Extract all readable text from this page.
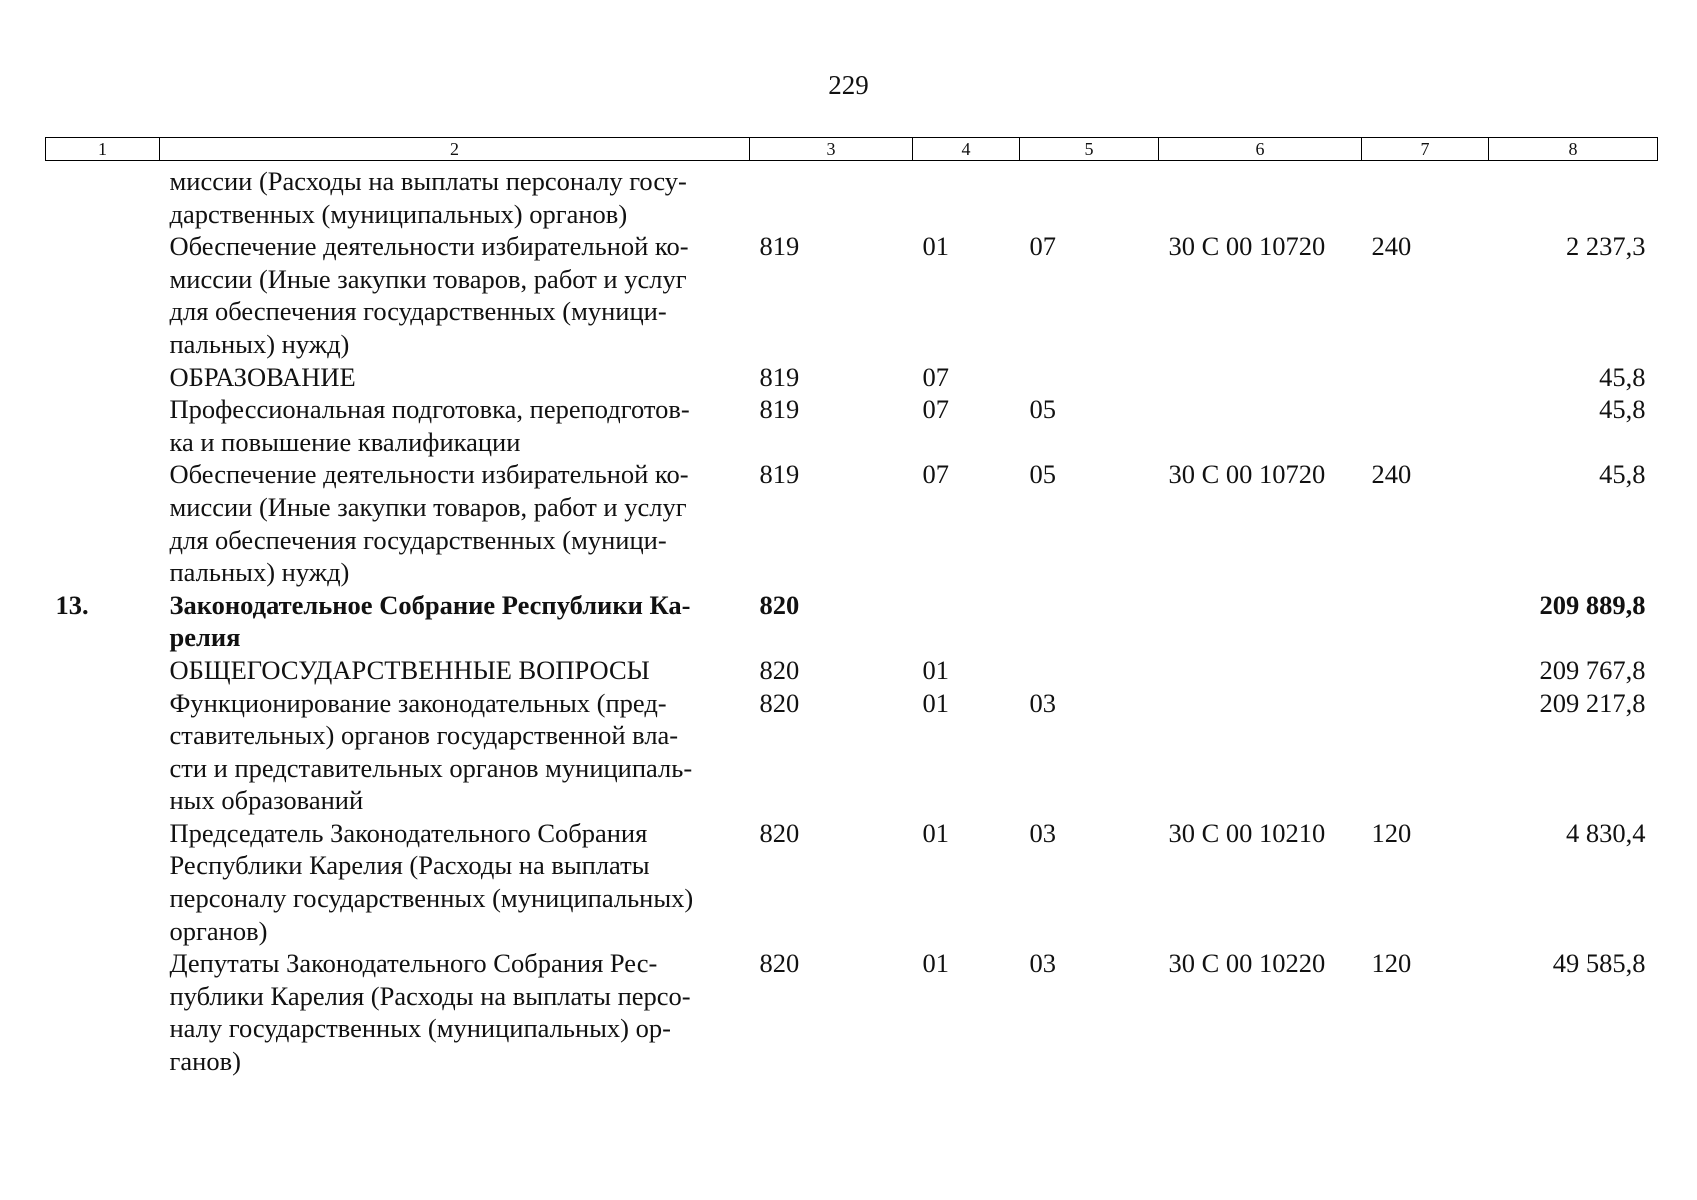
229
1	2	3	4	5	6	7	8
	миссии (Расходы на выплаты персоналу госу-
дарственных (муниципальных) органов)						
	Обеспечение деятельности избирательной ко-
миссии (Иные закупки товаров, работ и услуг
для обеспечения государственных (муници-
пальных) нужд)	819	01	07	30 С 00 10720	240	2 237,3
	ОБРАЗОВАНИЕ	819	07				45,8
	Профессиональная подготовка, переподготов-
ка и повышение квалификации	819	07	05			45,8
	Обеспечение деятельности избирательной ко-
миссии (Иные закупки товаров, работ и услуг
для обеспечения государственных (муници-
пальных) нужд)	819	07	05	30 С 00 10720	240	45,8
13.	Законодательное Собрание Республики Ка-
релия	820					209 889,8
	ОБЩЕГОСУДАРСТВЕННЫЕ ВОПРОСЫ	820	01				209 767,8
	Функционирование законодательных (пред-
ставительных) органов государственной вла-
сти и представительных органов муниципаль-
ных образований	820	01	03			209 217,8
	Председатель Законодательного Собрания
Республики Карелия (Расходы на выплаты
персоналу государственных (муниципальных)
органов)	820	01	03	30 С 00 10210	120	4 830,4
	Депутаты Законодательного Собрания Рес-
публики Карелия (Расходы на выплаты персо-
налу государственных (муниципальных) ор-
ганов)	820	01	03	30 С 00 10220	120	49 585,8
